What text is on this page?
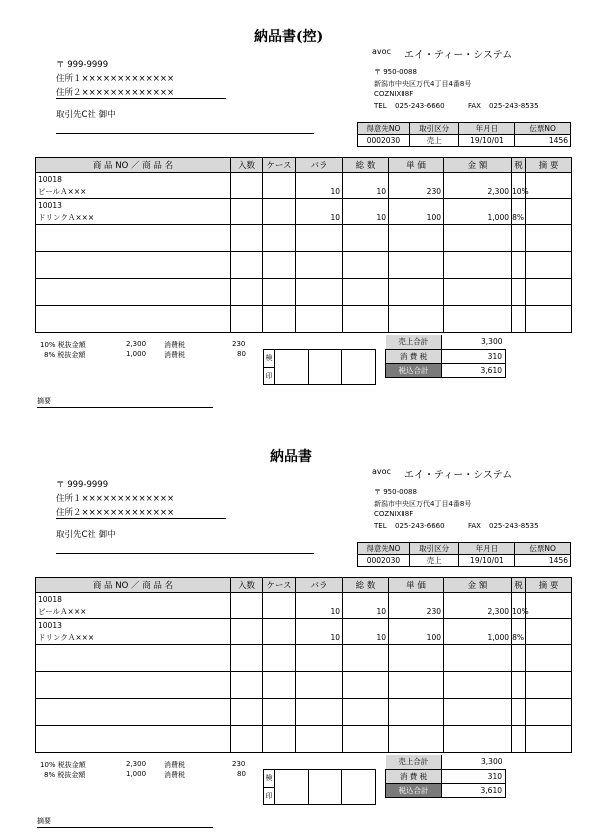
納品書(控)
〒 999-9999
住所１×××××××××××××
住所２×××××××××××××
取引先C社 御中
avoc エイ・ティー・システム
〒 950-0088
新潟市中央区万代4丁目4番8号
COZNIXⅡ8F
TEL 025-243-6660	FAX 025-243-8535
得意先NO	取引区分	年月日	伝票NO
0002030	売上	19/10/01	1456
商 品 NO ／ 商 品 名	入数	ケース	バラ	総 数	単 価	金 額	税	摘 要
10018								
ビールＡ×××			10	10	230	2,300	10%	
10013								
ドリンクＡ×××			10	10	100	1,000	8%	

10% 税抜金額	2,300	消費税	230
8% 税抜金額	1,000	消費税	80
検			
印
売上合計	3,300
消 費 税	310
税込合計	3,610
摘要
納品書
〒 999-9999
住所１×××××××××××××
住所２×××××××××××××
取引先C社 御中
avoc エイ・ティー・システム
〒 950-0088
新潟市中央区万代4丁目4番8号
COZNIXⅡ8F
TEL 025-243-6660	FAX 025-243-8535
得意先NO	取引区分	年月日	伝票NO
0002030	売上	19/10/01	1456
商 品 NO ／ 商 品 名	入数	ケース	バラ	総 数	単 価	金 額	税	摘 要
10018								
ビールＡ×××			10	10	230	2,300	10%	
10013								
ドリンクＡ×××			10	10	100	1,000	8%	

10% 税抜金額	2,300	消費税	230
8% 税抜金額	1,000	消費税	80
検			
印
売上合計	3,300
消 費 税	310
税込合計	3,610
摘要
